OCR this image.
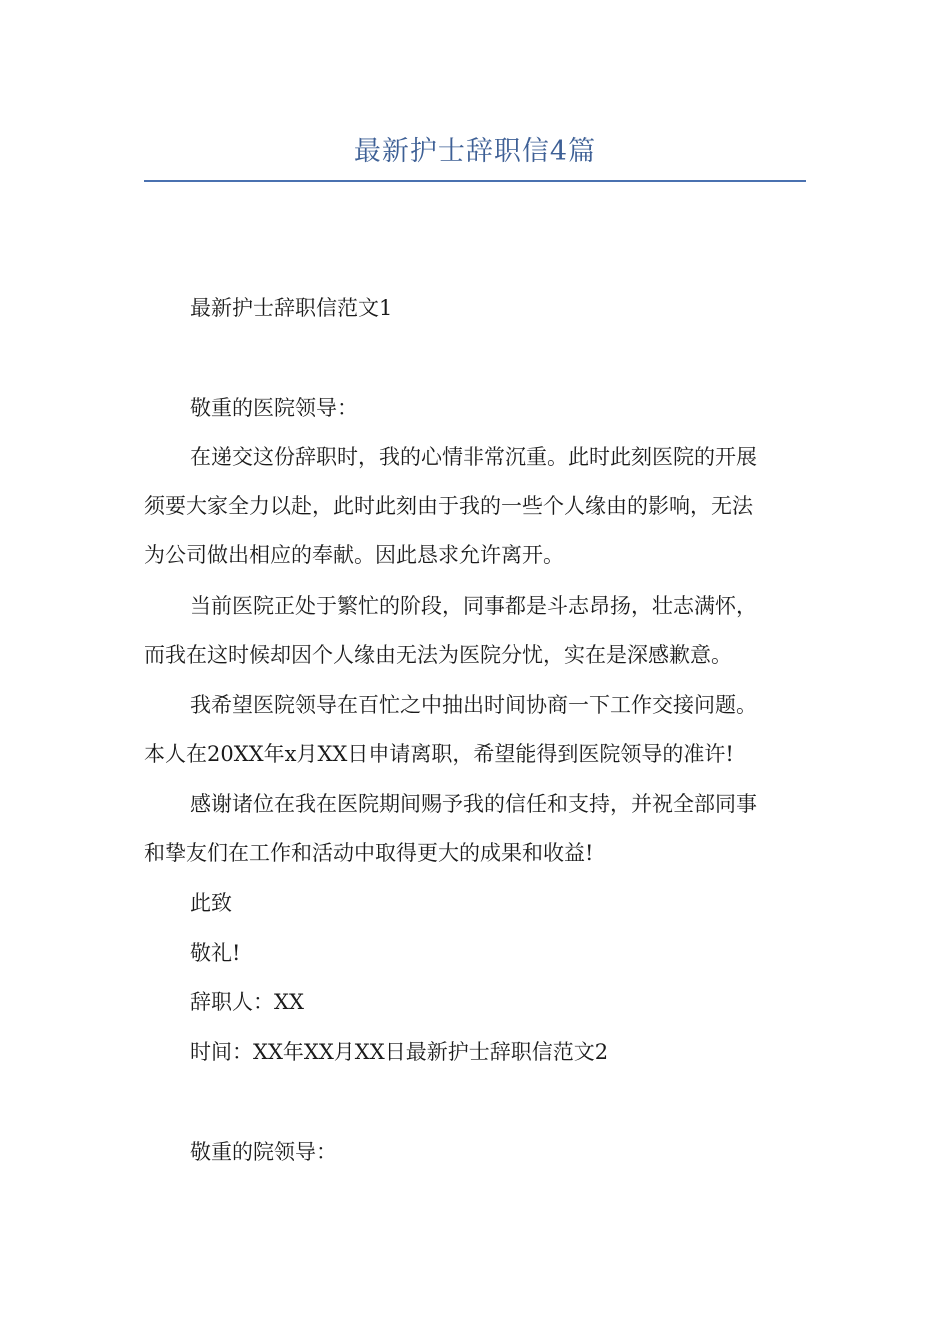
最新护士辞职信4篇
最新护士辞职信范文1
敬重的医院领导：
在递交这份辞职时，我的心情非常沉重。此时此刻医院的开展
须要大家全力以赴，此时此刻由于我的一些个人缘由的影响，无法
为公司做出相应的奉献。因此恳求允许离开。
当前医院正处于繁忙的阶段，同事都是斗志昂扬，壮志满怀，
而我在这时候却因个人缘由无法为医院分忧，实在是深感歉意。
我希望医院领导在百忙之中抽出时间协商一下工作交接问题。
本人在20XX年x月XX日申请离职，希望能得到医院领导的准许!
感谢诸位在我在医院期间赐予我的信任和支持，并祝全部同事
和挚友们在工作和活动中取得更大的成果和收益!
此致
敬礼!
辞职人：XX
时间：XX年XX月XX日最新护士辞职信范文2
敬重的院领导：
